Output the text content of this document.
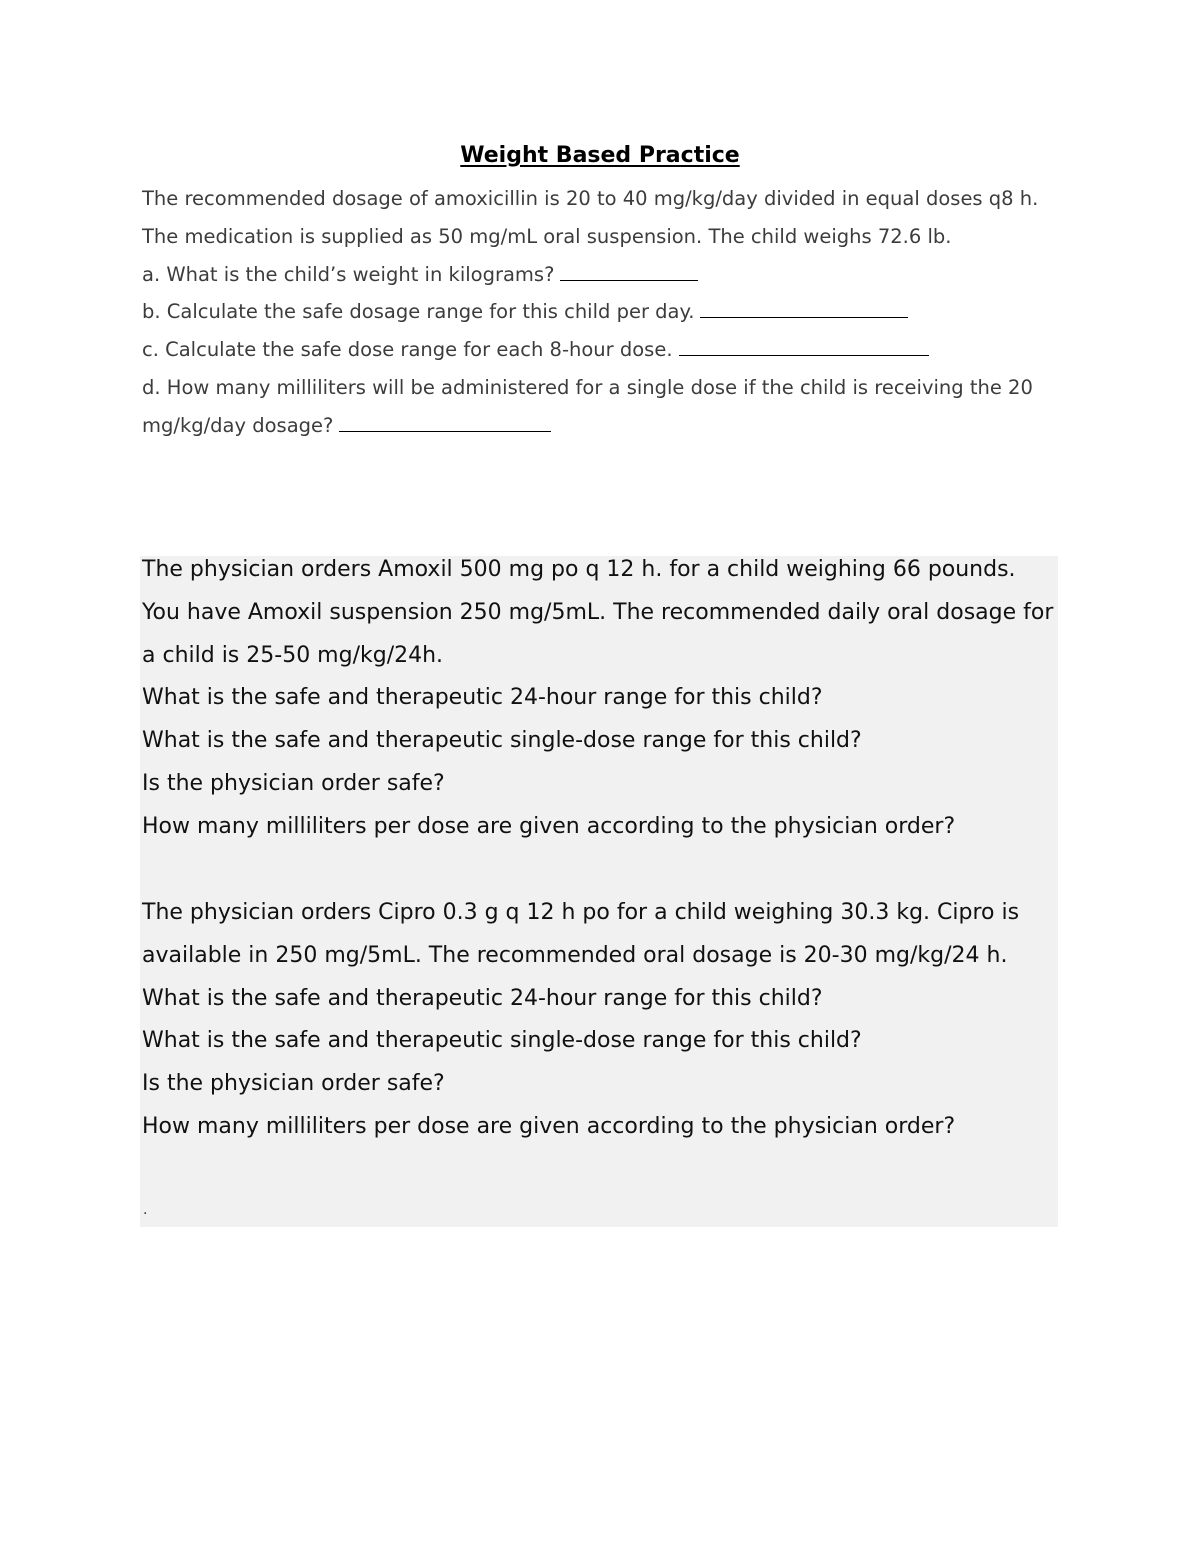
Weight Based Practice

The recommended dosage of amoxicillin is 20 to 40 mg/kg/day divided in equal doses q8 h. The medication is supplied as 50 mg/mL oral suspension. The child weighs 72.6 lb.

a. What is the child’s weight in kilograms?

b. Calculate the safe dosage range for this child per day.

c. Calculate the safe dose range for each 8-hour dose.

d. How many milliliters will be administered for a single dose if the child is receiving the 20 mg/kg/day dosage?

The physician orders Amoxil 500 mg po q 12 h. for a child weighing 66 pounds. You have Amoxil suspension 250 mg/5mL. The recommended daily oral dosage for a child is 25-50 mg/kg/24h.

What is the safe and therapeutic 24-hour range for this child?

What is the safe and therapeutic single-dose range for this child?

Is the physician order safe?

How many milliliters per dose are given according to the physician order?

The physician orders Cipro 0.3 g q 12 h po for a child weighing 30.3 kg. Cipro is available in 250 mg/5mL. The recommended oral dosage is 20-30 mg/kg/24 h.

What is the safe and therapeutic 24-hour range for this child?

What is the safe and therapeutic single-dose range for this child?

Is the physician order safe?

How many milliliters per dose are given according to the physician order?

.
